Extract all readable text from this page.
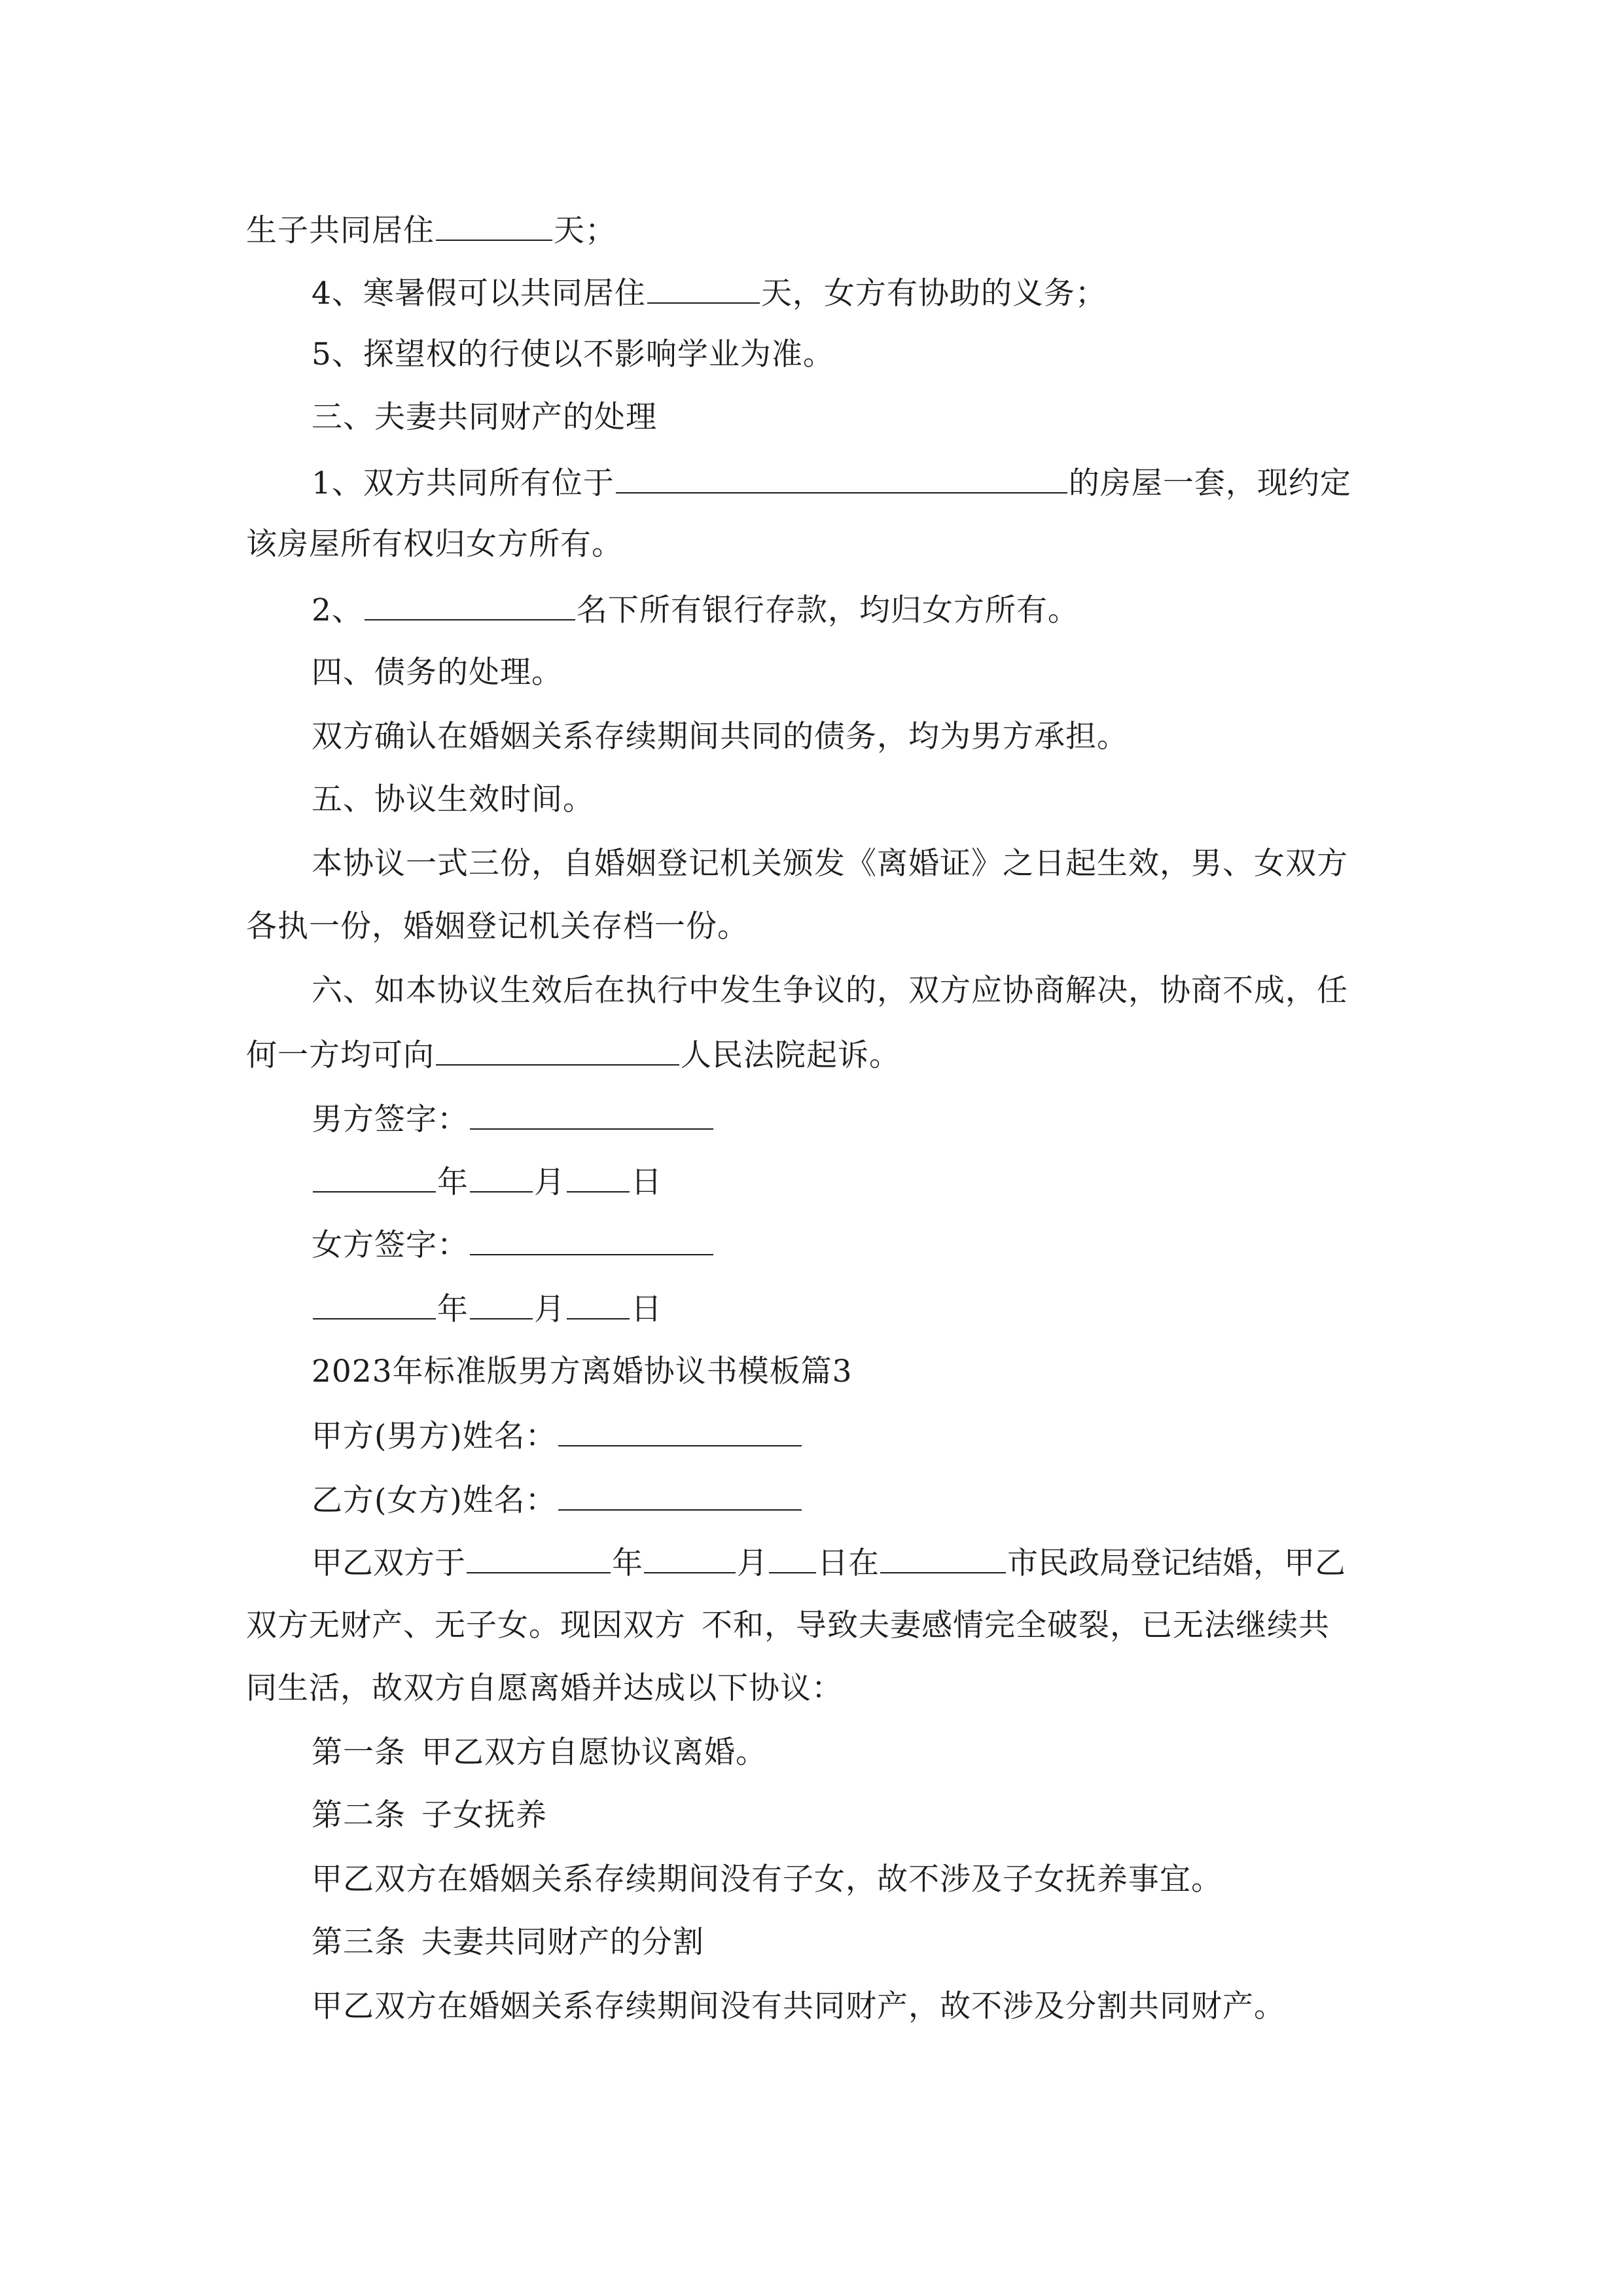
生子共同居住	天；

4、寒暑假可以共同居住	天，女方有协助的义务；

5、探望权的行使以不影响学业为准。

三、夫妻共同财产的处理

1、双方共同所有位于	的房屋一套，现约定

该房屋所有权归女方所有。

2、	名下所有银行存款，均归女方所有。

四、债务的处理。

双方确认在婚姻关系存续期间共同的债务，均为男方承担。

五、协议生效时间。

本协议一式三份，自婚姻登记机关颁发《离婚证》之日起生效，男、女双方

各执一份，婚姻登记机关存档一份。

六、如本协议生效后在执行中发生争议的，双方应协商解决，协商不成，任

何一方均可向	人民法院起诉。

男方签字：

年 月 日

女方签字：

年 月 日

2023年标准版男方离婚协议书模板篇3

甲方(男方)姓名：

乙方(女方)姓名：

甲乙双方于	年	月 日在	市民政局登记结婚，甲乙

双方无财产、无子女。现因双方 不和，导致夫妻感情完全破裂，已无法继续共

同生活，故双方自愿离婚并达成以下协议：

第一条 甲乙双方自愿协议离婚。

第二条 子女抚养

甲乙双方在婚姻关系存续期间没有子女，故不涉及子女抚养事宜。

第三条 夫妻共同财产的分割

甲乙双方在婚姻关系存续期间没有共同财产，故不涉及分割共同财产。
